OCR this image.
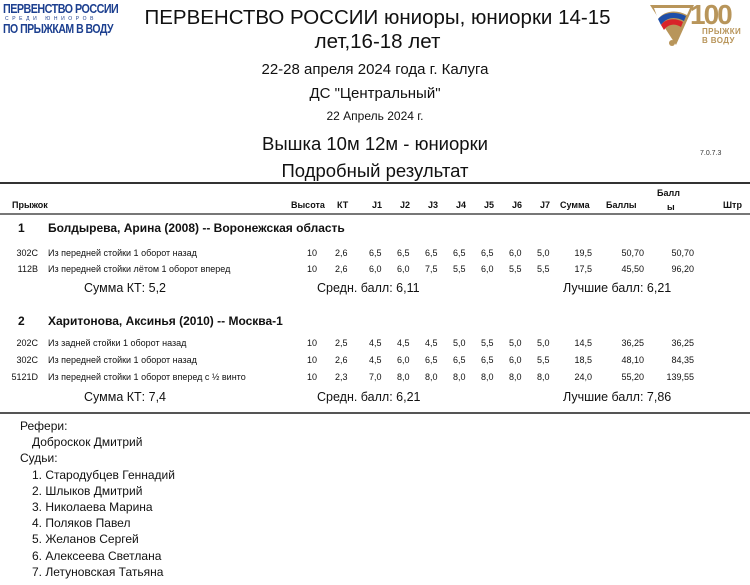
ПЕРВЕНСТВО РОССИИ
СРЕДИ ЮНИОРОВ
ПО ПРЫЖКАМ В ВОДУ	100 ЛЕТ
ПРЫЖКИ
В ВОДУ
ПЕРВЕНСТВО РОССИИ юниоры, юниорки 14-15 лет,16-18 лет
22-28 апреля 2024 года г. Калуга
ДС "Центральный"
22 Апрель 2024 г.
Вышка 10м 12м - юниорки
Подробный результат
7.0.7.3
Прыжок	Высота КТ	J1 J2 J3 J4 J5 J6 J7 Сумма Баллы
Балл
ы	Штр
1 Болдырева, Арина (2008) -- Воронежская область
302C Из передней стойки 1 оборот назад	10 2,6 6,5 6,5 6,5 6,5 6,5 6,0 5,0	19,5	50,70	50,70
112B Из передней стойки лётом 1 оборот вперед	10 2,6 6,0 6,0 7,5 5,5 6,0 5,5 5,5	17,5	45,50	96,20
Сумма КТ: 5,2	Средн. балл: 6,11	Лучшие балл: 6,21
2 Харитонова, Аксинья (2010) -- Москва-1
202C Из задней стойки 1 оборот назад	10 2,5 4,5 4,5 4,5 5,0 5,5 5,0 5,0	14,5	36,25	36,25
302C Из передней стойки 1 оборот назад	10 2,6 4,5 6,0 6,5 6,5 6,5 6,0 5,5	18,5	48,10	84,35
5121D Из передней стойки 1 оборот вперед с ½ винто	10 2,3 7,0 8,0 8,0 8,0 8,0 8,0 8,0	24,0	55,20	139,55
Сумма КТ: 7,4	Средн. балл: 6,21	Лучшие балл: 7,86
Рефери:
Доброскок Дмитрий
Судьи:
1. Стародубцев Геннадий
2. Шлыков Дмитрий
3. Николаева Марина
4. Поляков Павел
5. Желанов Сергей
6. Алексеева Светлана
7. Летуновская Татьяна
